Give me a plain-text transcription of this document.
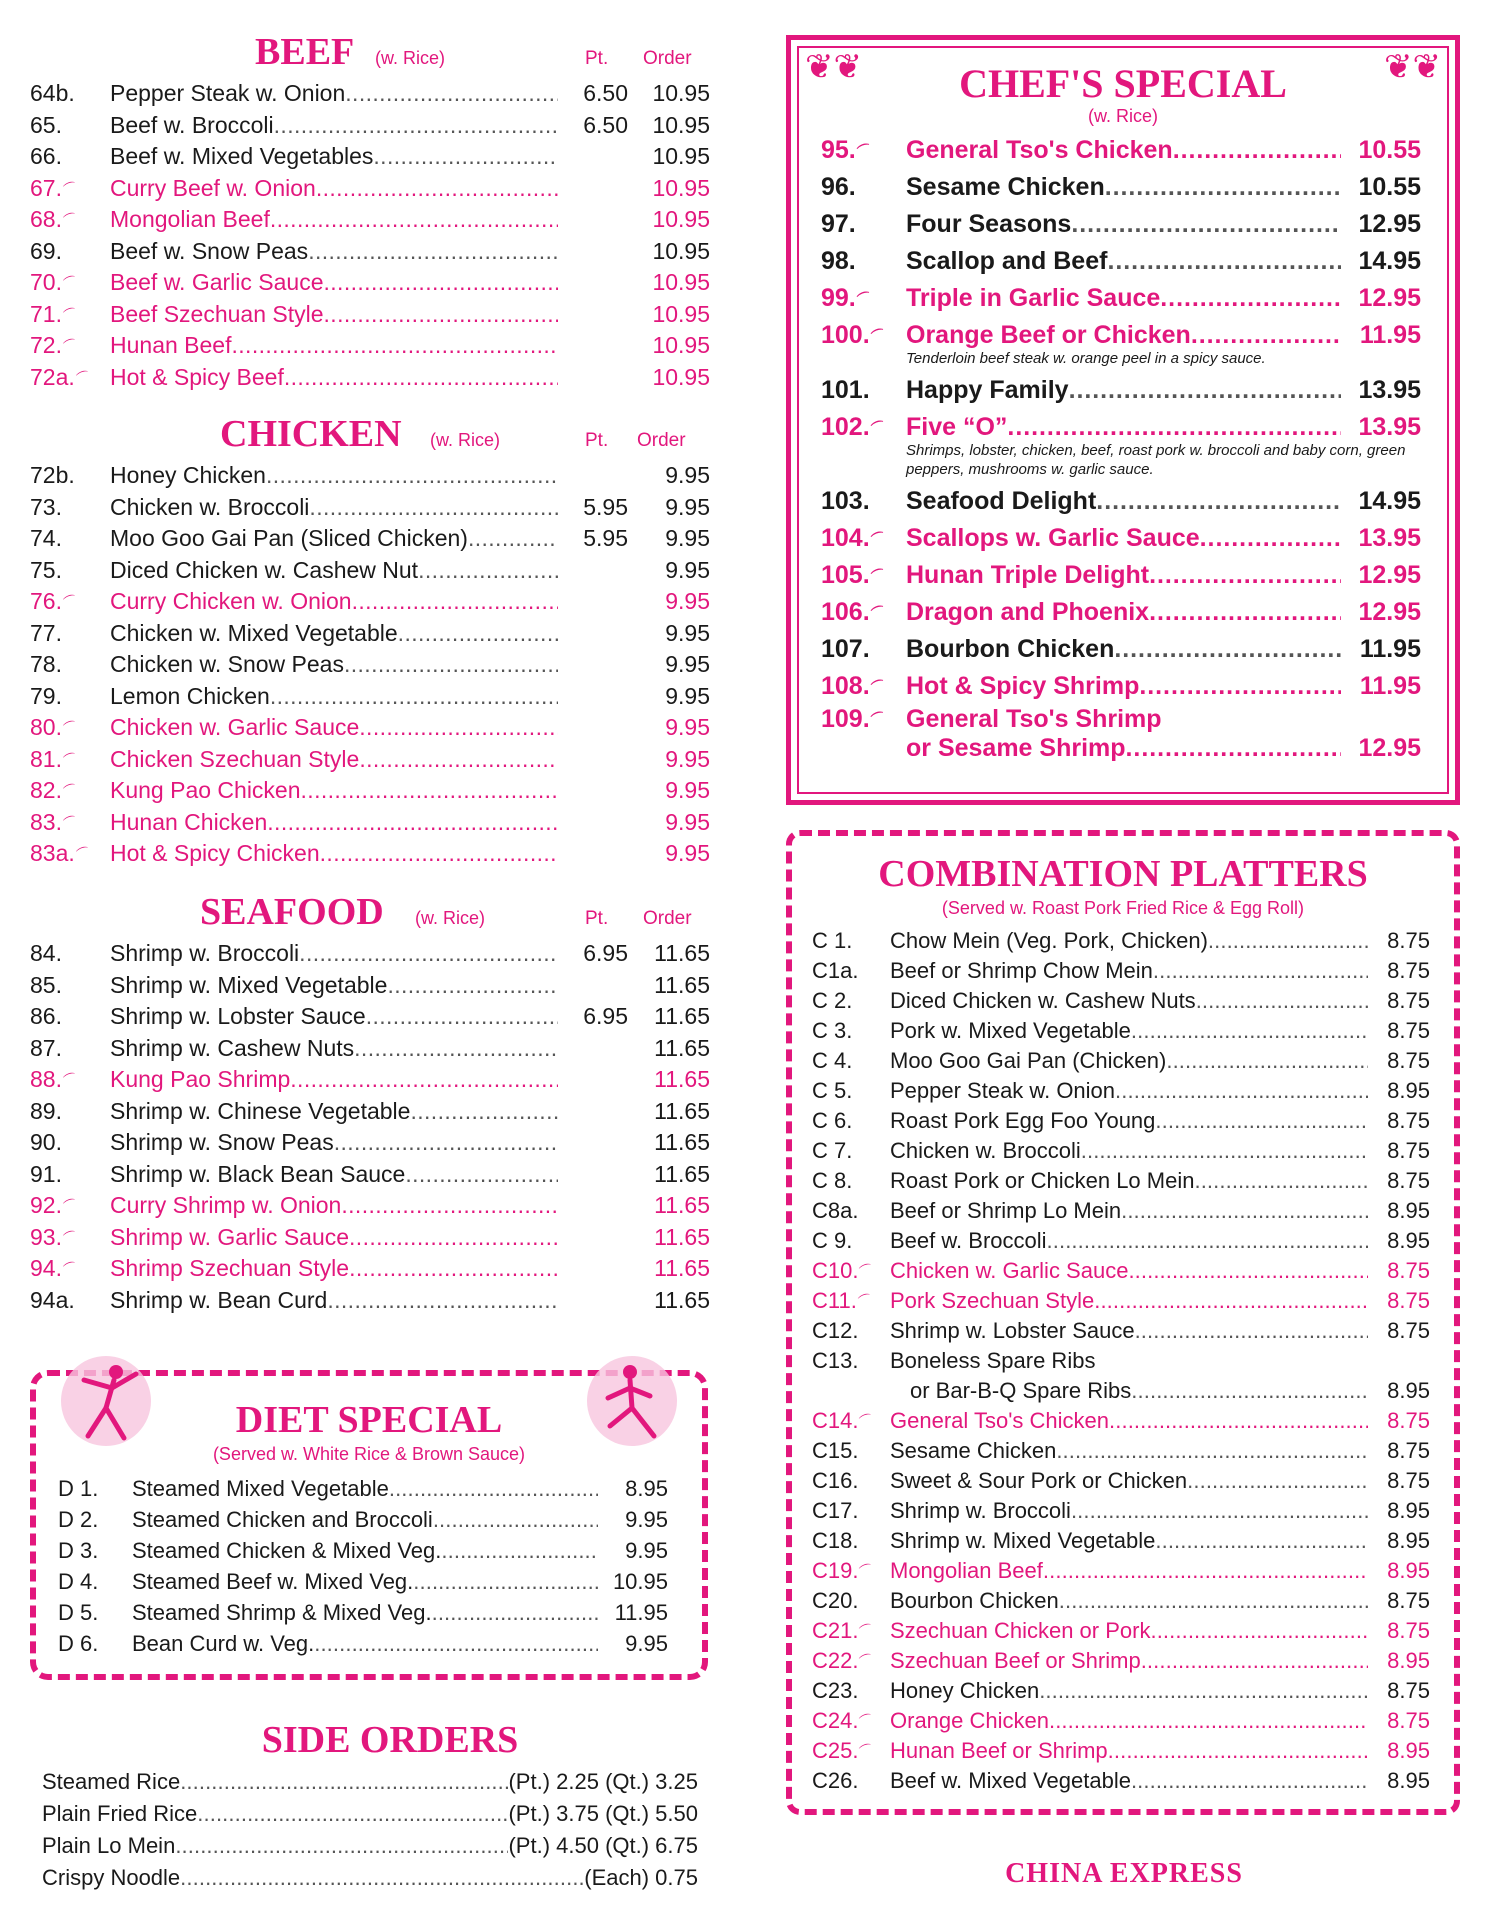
BEEF (w. Rice)	Pt. Order
64b.	Pepper Steak w. Onion . . .	6.50	10.95
65.	Beef w. Broccoli . . .	6.50	10.95
66.	Beef w. Mixed Vegetables . . .	10.95
67. ⌒ Curry Beef w. Onion . . .	10.95
68. ⌒ Mongolian Beef . . .	10.95
69.	Beef w. Snow Peas . . .	10.95
70. ⌒ Beef w. Garlic Sauce . . .	10.95
71. ⌒ Beef Szechuan Style . . .	10.95
72. ⌒ Hunan Beef . . .	10.95
72a. ⌒ Hot & Spicy Beef . . .	10.95
CHICKEN (w. Rice)	Pt. Order
72b.	Honey Chicken . . .	9.95
73.	Chicken w. Broccoli . . .	5.95	9.95
74.	Moo Goo Gai Pan (Sliced Chicken) . . .	5.95	9.95
75.	Diced Chicken w. Cashew Nut . . .	9.95
76. ⌒ Curry Chicken w. Onion . . .	9.95
77.	Chicken w. Mixed Vegetable . . .	9.95
78.	Chicken w. Snow Peas . . .	9.95
79.	Lemon Chicken . . .	9.95
80. ⌒ Chicken w. Garlic Sauce . . .	9.95
81. ⌒ Chicken Szechuan Style . . .	9.95
82. ⌒ Kung Pao Chicken . . .	9.95
83. ⌒ Hunan Chicken . . .	9.95
83a. ⌒ Hot & Spicy Chicken . . .	9.95
SEAFOOD (w. Rice)	Pt. Order
84.	Shrimp w. Broccoli . . .	6.95	11.65
85.	Shrimp w. Mixed Vegetable . . .	11.65
86.	Shrimp w. Lobster Sauce . . .	6.95	11.65
87.	Shrimp w. Cashew Nuts . . .	11.65
88. ⌒ Kung Pao Shrimp . . .	11.65
89.	Shrimp w. Chinese Vegetable . . .	11.65
90.	Shrimp w. Snow Peas . . .	11.65
91.	Shrimp w. Black Bean Sauce . . .	11.65
92. ⌒ Curry Shrimp w. Onion . . .	11.65
93. ⌒ Shrimp w. Garlic Sauce . . .	11.65
94. ⌒ Shrimp Szechuan Style . . .	11.65
94a.	Shrimp w. Bean Curd . . .	11.65
DIET SPECIAL
(Served w. White Rice & Brown Sauce)
D 1.	Steamed Mixed Vegetable . . .	8.95
D 2.	Steamed Chicken and Broccoli . . .	9.95
D 3.	Steamed Chicken & Mixed Veg. . . .	9.95
D 4.	Steamed Beef w. Mixed Veg. . . .	10.95
D 5.	Steamed Shrimp & Mixed Veg. . . .	11.95
D 6.	Bean Curd w. Veg. . . .	9.95
SIDE ORDERS
Steamed Rice . . .	(Pt.) 2.25 (Qt.) 3.25
Plain Fried Rice . . .	(Pt.) 3.75 (Qt.) 5.50
Plain Lo Mein . . .	(Pt.) 4.50 (Qt.) 6.75
Crispy Noodle . . .	(Each) 0.75
❦❦	❦❦
CHEF'S SPECIAL
(w. Rice)
95. ⌒ General Tso's Chicken . . .	10.55
96.	Sesame Chicken . . .	10.55
97.	Four Seasons . . .	12.95
98.	Scallop and Beef . . .	14.95
99. ⌒ Triple in Garlic Sauce . . .	12.95
100. ⌒ Orange Beef or Chicken . . .	11.95
Tenderloin beef steak w. orange peel in a spicy sauce.
101.	Happy Family . . .	13.95
102. ⌒ Five “O” . . .	13.95
Shrimps, lobster, chicken, beef, roast pork w. broccoli and baby corn, green peppers, mushrooms w. garlic sauce.
103.	Seafood Delight . . .	14.95
104. ⌒ Scallops w. Garlic Sauce . . .	13.95
105. ⌒ Hunan Triple Delight . . .	12.95
106. ⌒ Dragon and Phoenix . . .	12.95
107.	Bourbon Chicken . . .	11.95
108. ⌒ Hot & Spicy Shrimp . . .	11.95
109. ⌒ General Tso's Shrimp
or Sesame Shrimp . . .	12.95
COMBINATION PLATTERS
(Served w. Roast Pork Fried Rice & Egg Roll)
C 1.	Chow Mein (Veg. Pork, Chicken) . . .	8.75
C1a.	Beef or Shrimp Chow Mein . . .	8.75
C 2.	Diced Chicken w. Cashew Nuts . . .	8.75
C 3.	Pork w. Mixed Vegetable . . .	8.75
C 4.	Moo Goo Gai Pan (Chicken) . . .	8.75
C 5.	Pepper Steak w. Onion . . .	8.95
C 6.	Roast Pork Egg Foo Young . . .	8.75
C 7.	Chicken w. Broccoli . . .	8.75
C 8.	Roast Pork or Chicken Lo Mein . . .	8.75
C8a.	Beef or Shrimp Lo Mein . . .	8.95
C 9.	Beef w. Broccoli . . .	8.95
C10. ⌒ Chicken w. Garlic Sauce . . .	8.75
C11. ⌒ Pork Szechuan Style . . .	8.75
C12.	Shrimp w. Lobster Sauce . . .	8.75
C13.	Boneless Spare Ribs
or Bar-B-Q Spare Ribs . . .	8.95
C14. ⌒ General Tso's Chicken . . .	8.75
C15.	Sesame Chicken . . .	8.75
C16.	Sweet & Sour Pork or Chicken . . .	8.75
C17.	Shrimp w. Broccoli . . .	8.95
C18.	Shrimp w. Mixed Vegetable . . .	8.95
C19. ⌒ Mongolian Beef . . .	8.95
C20.	Bourbon Chicken . . .	8.75
C21. ⌒ Szechuan Chicken or Pork . . .	8.75
C22. ⌒ Szechuan Beef or Shrimp . . .	8.95
C23.	Honey Chicken . . .	8.75
C24. ⌒ Orange Chicken . . .	8.75
C25. ⌒ Hunan Beef or Shrimp . . .	8.95
C26.	Beef w. Mixed Vegetable . . .	8.95
CHINA EXPRESS
